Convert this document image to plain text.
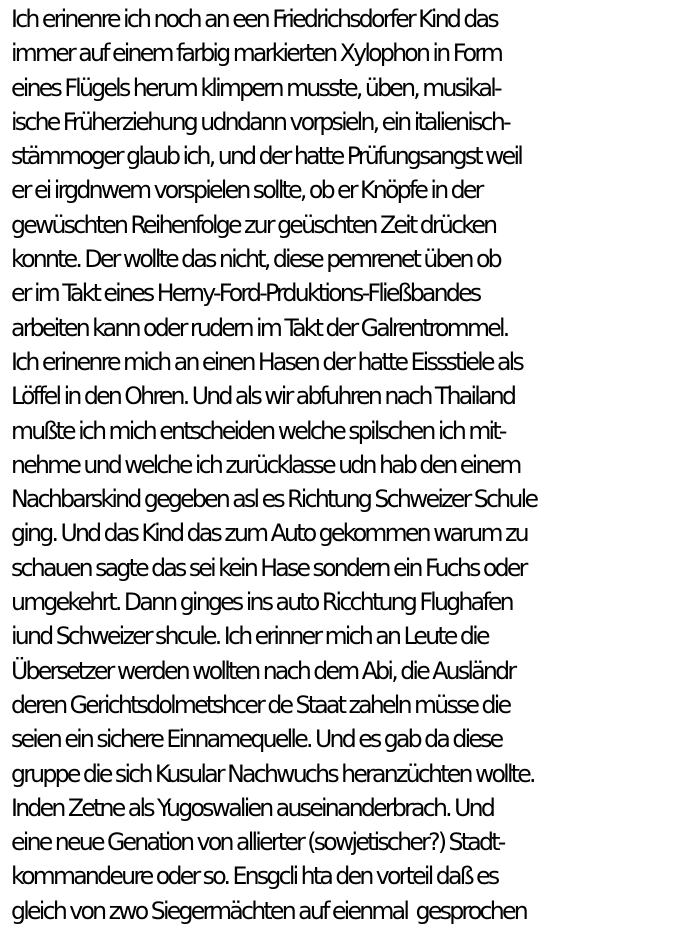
Ich erinenre ich noch an een Friedrichsdorfer Kind das
immer auf einem farbig markierten Xylophon in Form
eines Flügels herum klimpern musste, üben, musikal-
ische Früherziehung udndann vorpsieln, ein italienisch-
stämmoger glaub ich, und der hatte Prüfungsangst weil
er ei irgdnwem vorspielen sollte, ob er Knöpfe in der
gewüschten Reihenfolge zur geüschten Zeit drücken
konnte. Der wollte das nicht, diese pemrenet üben ob
er im Takt eines Herny-Ford-Prduktions-Fließbandes
arbeiten kann oder rudern im Takt der Galrentrommel.
Ich erinenre mich an einen Hasen der hatte Eissstiele als
Löffel in den Ohren. Und als wir abfuhren nach Thailand
mußte ich mich entscheiden welche spilschen ich mit-
nehme und welche ich zurücklasse udn hab den einem
Nachbarskind gegeben asl es Richtung Schweizer Schule
ging. Und das Kind das zum Auto gekommen warum zu
schauen sagte das sei kein Hase sondern ein Fuchs oder
umgekehrt. Dann ginges ins auto Ricchtung Flughafen
iund Schweizer shcule. Ich erinner mich an Leute die
Übersetzer werden wollten nach dem Abi, die Ausländr
deren Gerichtsdolmetshcer de Staat zaheln müsse die
seien ein sichere Einnamequelle. Und es gab da diese
gruppe die sich Kusular Nachwuchs heranzüchten wollte.
Inden Zetne als Yugoswalien auseinanderbrach. Und
eine neue Genation von allierter (sowjetischer?) Stadt-
kommandeure oder so. Ensgcli hta den vorteil daß es
gleich von zwo Siegermächten auf eienmal  gesprochen
